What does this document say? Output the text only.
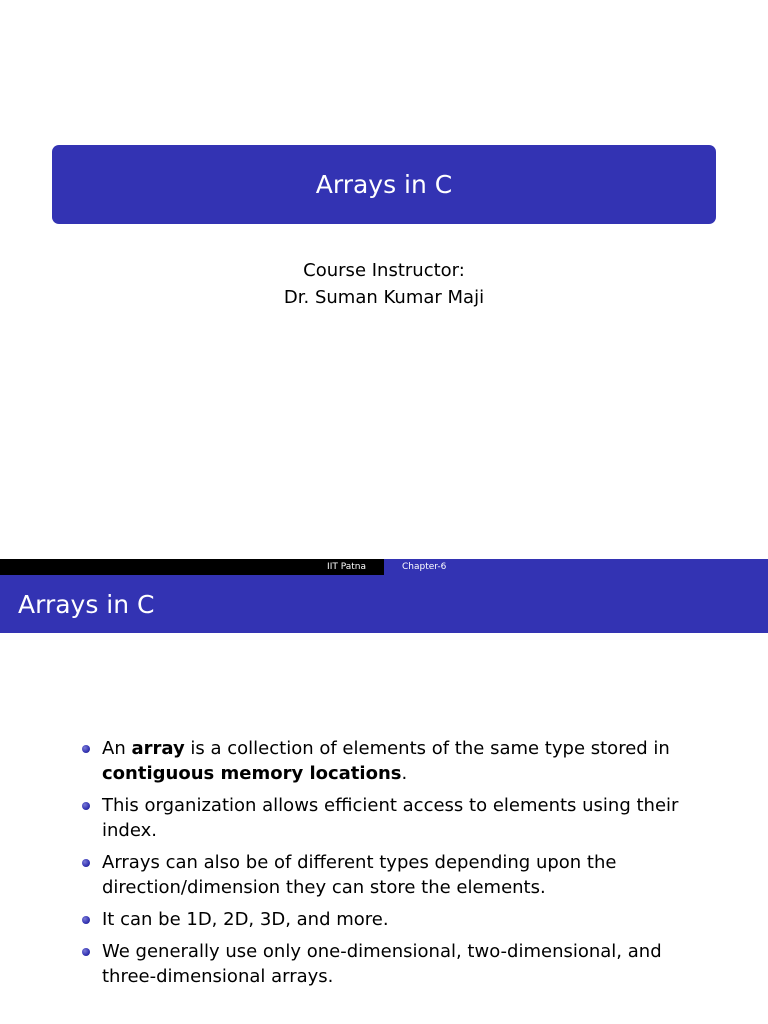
Arrays in C
Course Instructor:
Dr. Suman Kumar Maji
IIT Patna	Chapter-6
Arrays in C
An array is a collection of elements of the same type stored in contiguous memory locations.
This organization allows efficient access to elements using their index.
Arrays can also be of different types depending upon the direction/dimension they can store the elements.
It can be 1D, 2D, 3D, and more.
We generally use only one-dimensional, two-dimensional, and three-dimensional arrays.
